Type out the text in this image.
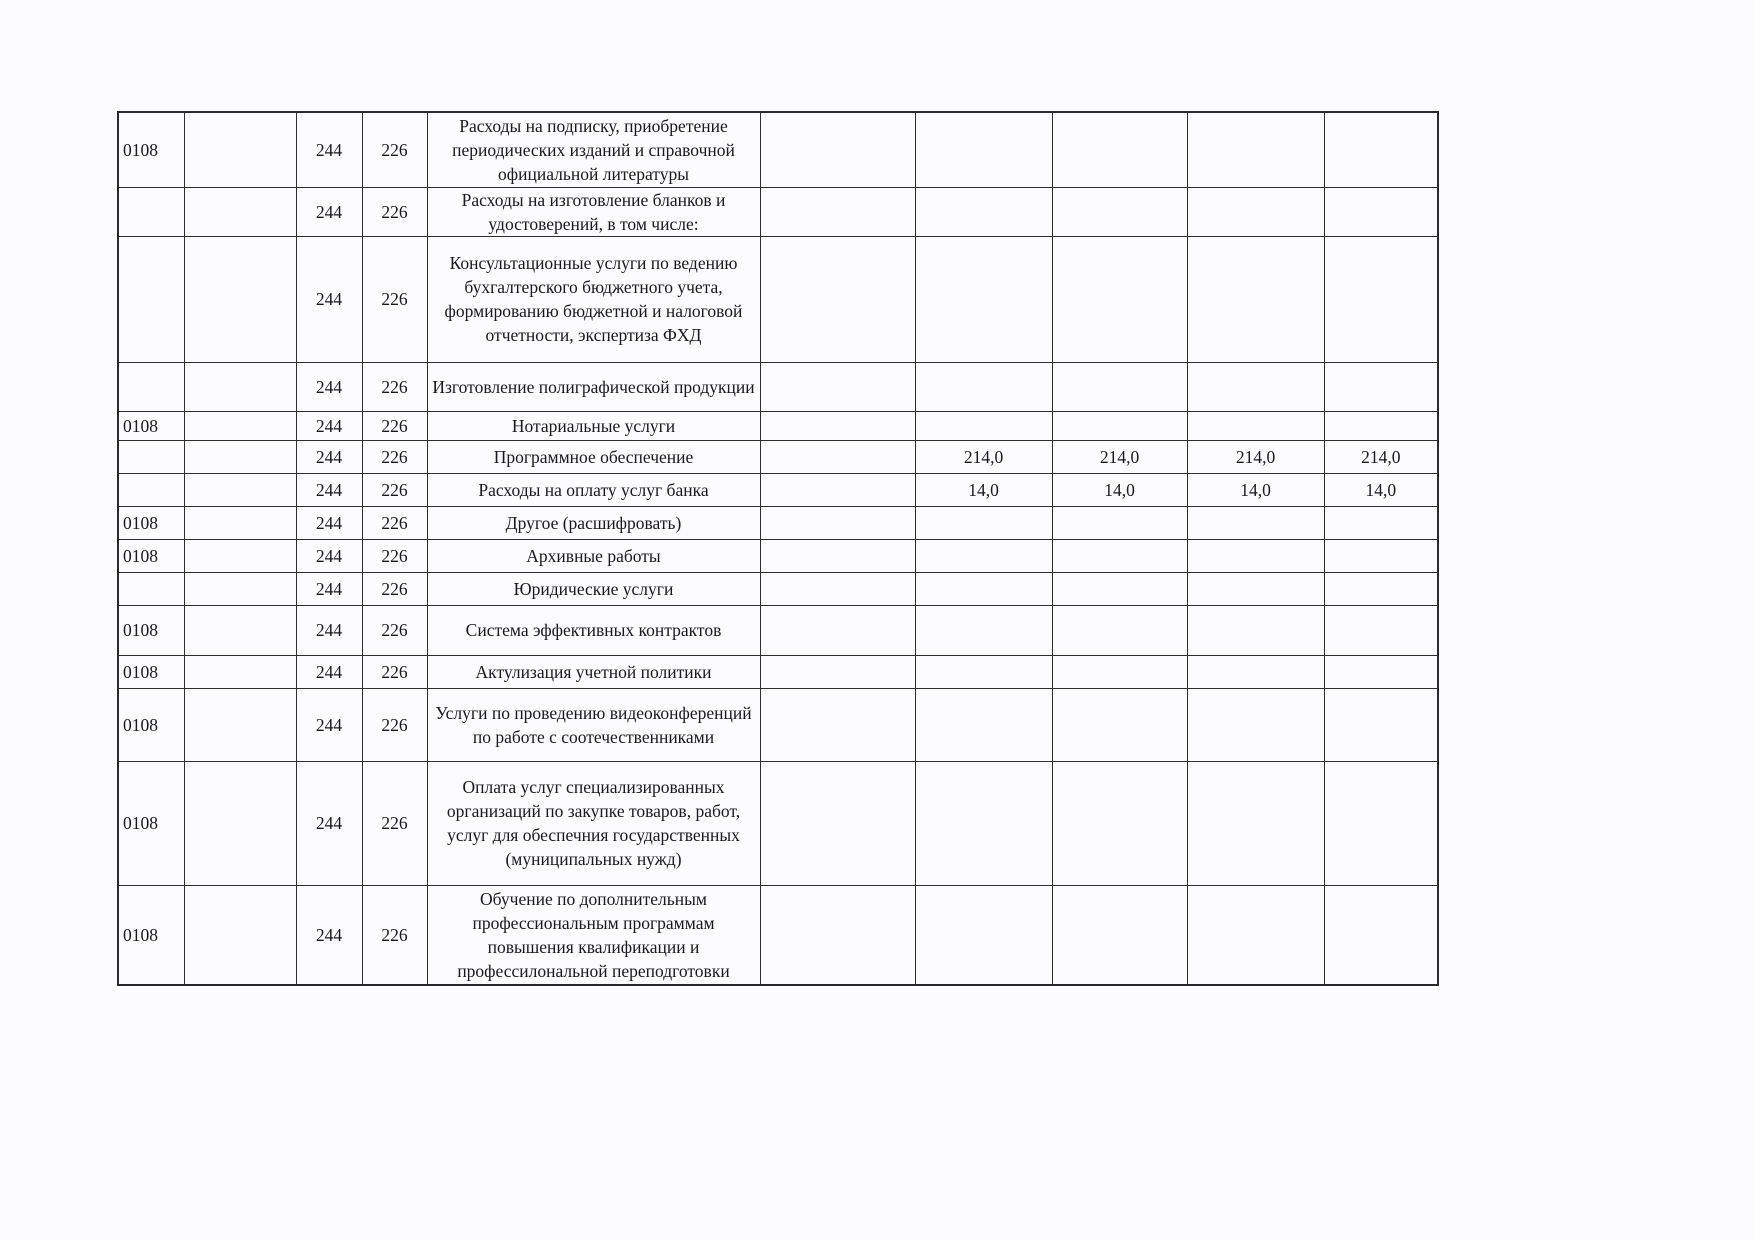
0108		244	226	Расходы на подписку, приобретение периодических изданий и справочной официальной литературы					
		244	226	Расходы на изготовление бланков и удостоверений, в том числе:					
		244	226	Консультационные услуги по ведению бухгалтерского бюджетного учета, формированию бюджетной и налоговой отчетности, экспертиза ФХД					
		244	226	Изготовление полиграфической продукции					
0108		244	226	Нотариальные услуги					
		244	226	Программное обеспечение		214,0	214,0	214,0	214,0
		244	226	Расходы на оплату услуг банка		14,0	14,0	14,0	14,0
0108		244	226	Другое (расшифровать)					
0108		244	226	Архивные работы					
		244	226	Юридические услуги					
0108		244	226	Система эффективных контрактов					
0108		244	226	Актулизация учетной политики					
0108		244	226	Услуги по проведению видеоконференций по работе с соотечественниками					
0108		244	226	Оплата услуг специализированных организаций по закупке товаров, работ, услуг для обеспечния государственных (муниципальных нужд)					
0108		244	226	Обучение по дополнительным профессиональным программам повышения квалификации и профессилональной переподготовки					
